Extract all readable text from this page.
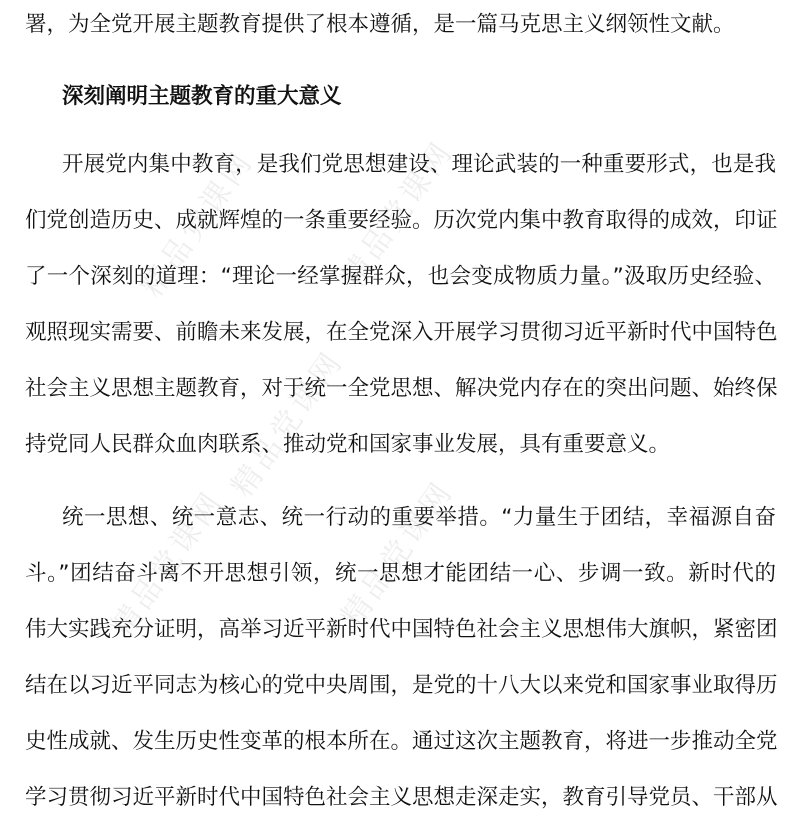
精品党课网 精品党课网
精品党课网
精品党课网	精品党课网
署，为全党开展主题教育提供了根本遵循，是一篇马克思主义纲领性文献。
深刻阐明主题教育的重大意义
开展党内集中教育，是我们党思想建设、理论武装的一种重要形式，也是我
们党创造历史、成就辉煌的一条重要经验。历次党内集中教育取得的成效，印证
了一个深刻的道理：“理论一经掌握群众，也会变成物质力量。”汲取历史经验、
观照现实需要、前瞻未来发展，在全党深入开展学习贯彻习近平新时代中国特色
社会主义思想主题教育，对于统一全党思想、解决党内存在的突出问题、始终保
持党同人民群众血肉联系、推动党和国家事业发展，具有重要意义。
统一思想、统一意志、统一行动的重要举措。“力量生于团结，幸福源自奋
斗。”团结奋斗离不开思想引领，统一思想才能团结一心、步调一致。新时代的
伟大实践充分证明，高举习近平新时代中国特色社会主义思想伟大旗帜，紧密团
结在以习近平同志为核心的党中央周围，是党的十八大以来党和国家事业取得历
史性成就、发生历史性变革的根本所在。通过这次主题教育，将进一步推动全党
学习贯彻习近平新时代中国特色社会主义思想走深走实，教育引导党员、干部从
